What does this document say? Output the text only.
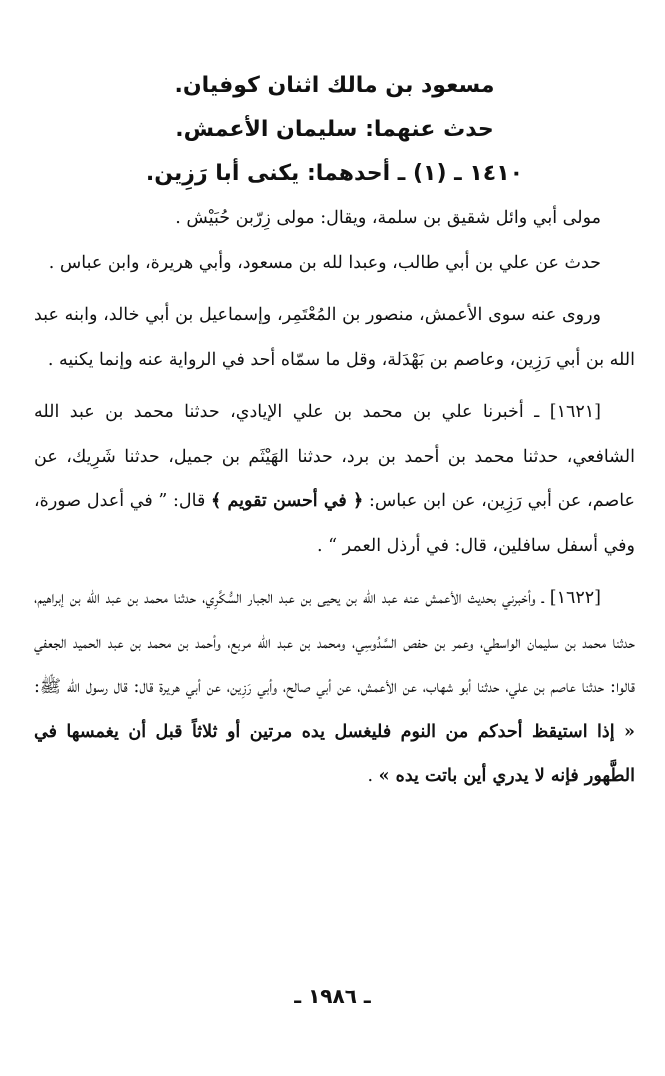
مسعود بن مالك اثنان كوفيان.
حدث عنهما: سليمان الأعمش.
١٤١٠ ـ (١) ـ أحدهما: يكنى أبا رَزِين.

مولى أبي وائل شقيق بن سلمة، ويقال: مولى زِرّبن حُبَيْش .

حدث عن علي بن أبي طالب، وعبدا لله بن مسعود، وأبي هريرة، وابن عباس .

وروى عنه سوى الأعمش، منصور بن المُعْتَمِر، وإسماعيل بن أبي خالد، وابنه عبد الله بن أبي رَزِين، وعاصم بن بَهْدَلة، وقل ما سمّاه أحد في الرواية عنه وإنما يكنيه .

[١٦٢١] ـ أخبرنا علي بن محمد بن علي الإيادي، حدثنا محمد بن عبد الله الشافعي، حدثنا محمد بن أحمد بن برد، حدثنا الهَيْثَم بن جميل، حدثنا شَرِيك، عن عاصم، عن أبي رَزِين، عن ابن عباس: ﴿ في أحسن تقويم ﴾ قال: ” في أعدل صورة، وفي أسفل سافلين، قال: في أرذل العمر “ .

[١٦٢٢] ـ وأخبرني بحديث الأعمش عنه عبد الله بن يحيى بن عبد الجبار السُّكَّرِي، حدثنا محمد بن عبد الله بن إبراهيم، حدثنا محمد بن سليمان الواسطي، وعمر بن حفص السَّدُوسِي، ومحمد بن عبد الله مربع، وأحمد بن محمد بن عبد الحميد الجعفي قالوا: حدثنا عاصم بن علي، حدثنا أبو شهاب، عن الأعمش، عن أبي صالح، وأبي رَزِين، عن أبي هريرة قال: قال رسول الله ﷺ: « إذا استيقظ أحدكم من النوم فليغسل يده مرتين أو ثلاثاً قبل أن يغمسها في الطَّهور فإنه لا يدري أين باتت يده » .

ـ ١٩٨٦ ـ
